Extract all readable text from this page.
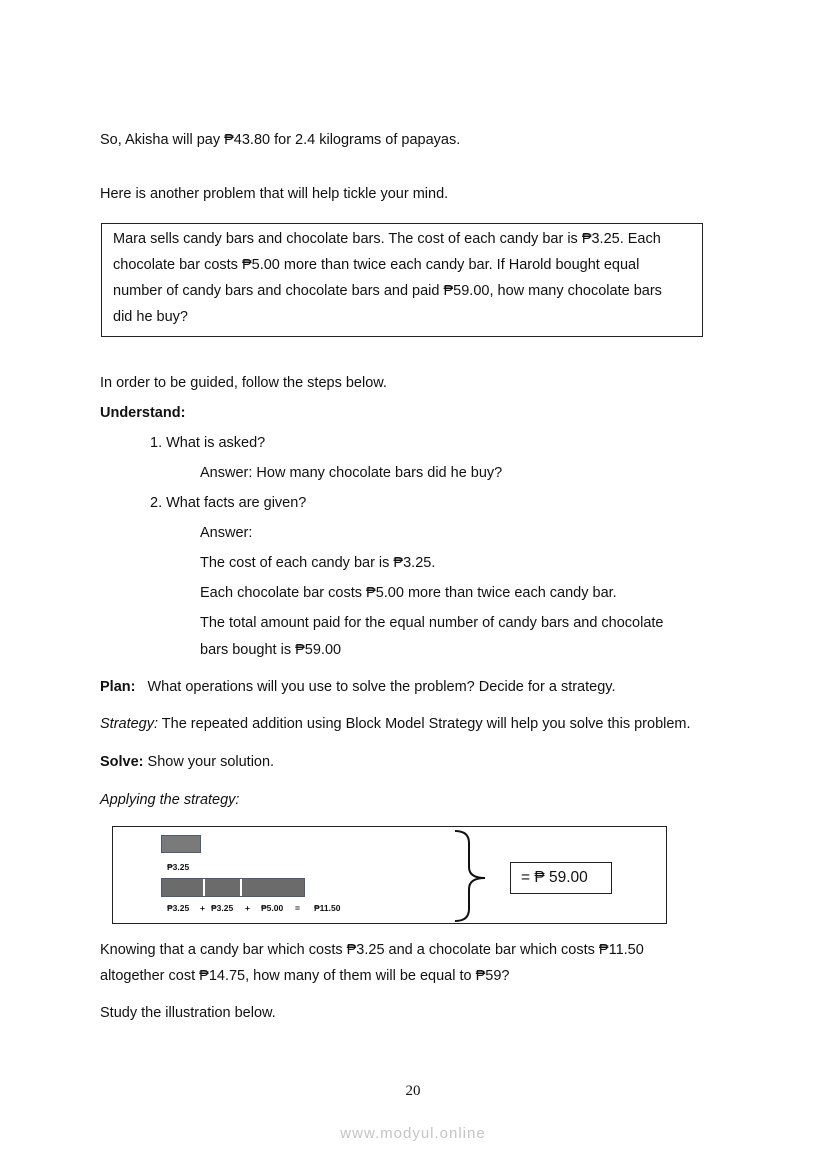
So, Akisha will pay ₱43.80 for 2.4 kilograms of papayas.
Here is another problem that will help tickle your mind.
Mara sells candy bars and chocolate bars. The cost of each candy bar is ₱3.25. Each
chocolate bar costs ₱5.00 more than twice each candy bar. If Harold bought equal
number of candy bars and chocolate bars and paid ₱59.00, how many chocolate bars
did he buy?
In order to be guided, follow the steps below.
Understand:
1. What is asked?
Answer: How many chocolate bars did he buy?
2. What facts are given?
Answer:
The cost of each candy bar is ₱3.25.
Each chocolate bar costs ₱5.00 more than twice each candy bar.
The total amount paid for the equal number of candy bars and chocolate
bars bought is ₱59.00
Plan: What operations will you use to solve the problem? Decide for a strategy.
Strategy: The repeated addition using Block Model Strategy will help you solve this problem.
Solve: Show your solution.
Applying the strategy:
₱3.25
₱3.25 + ₱3.25 + ₱5.00 = ₱11.50
= ₱ 59.00
Knowing that a candy bar which costs ₱3.25 and a chocolate bar which costs ₱11.50
altogether cost ₱14.75, how many of them will be equal to ₱59?
Study the illustration below.
20
www.modyul.online
